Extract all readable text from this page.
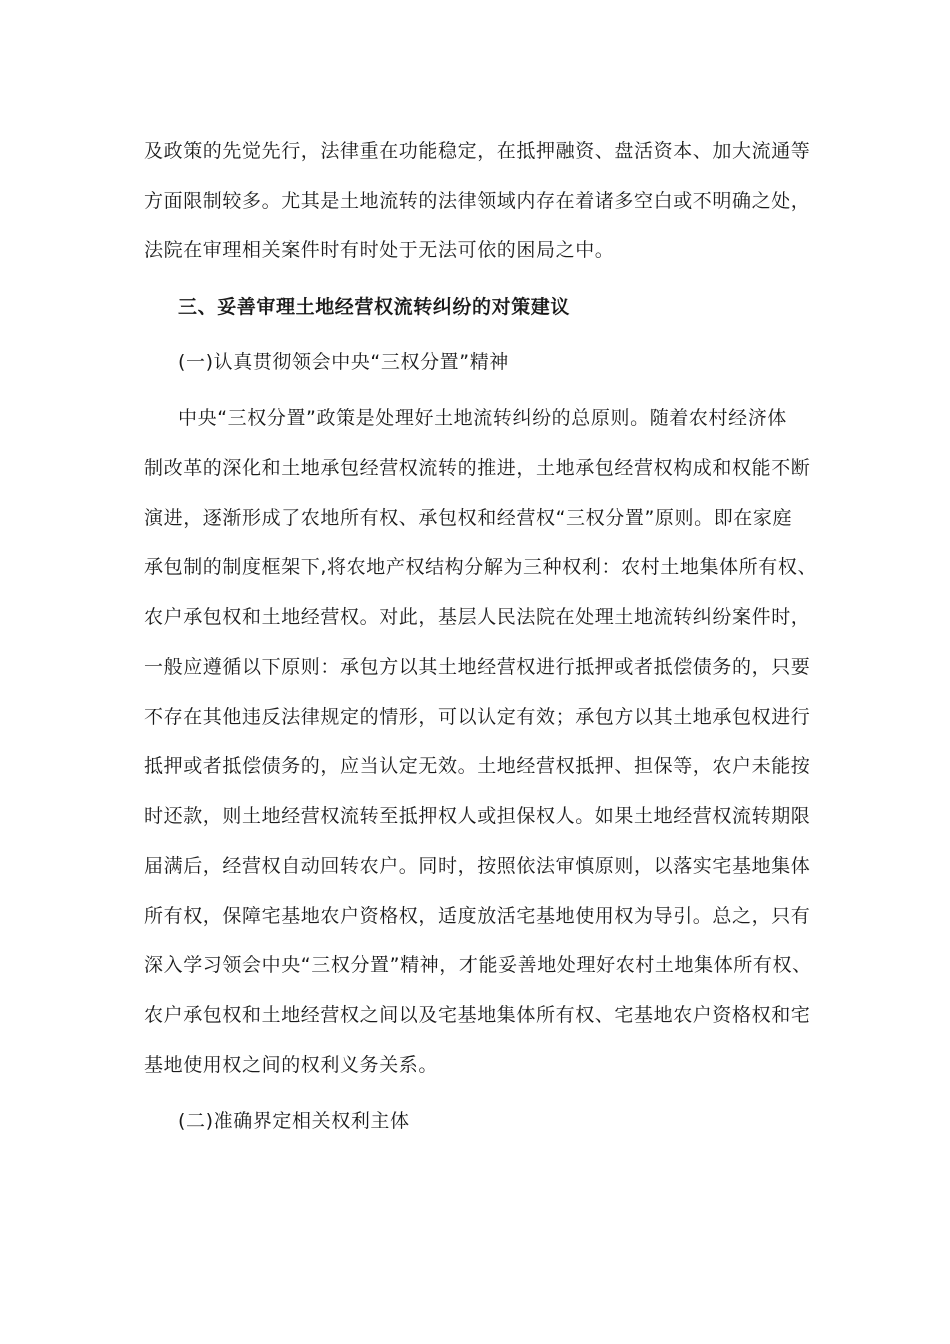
及政策的先觉先行，法律重在功能稳定，在抵押融资、盘活资本、加大流通等
方面限制较多。尤其是土地流转的法律领域内存在着诸多空白或不明确之处，
法院在审理相关案件时有时处于无法可依的困局之中。
三、妥善审理土地经营权流转纠纷的对策建议
(一)认真贯彻领会中央“三权分置”精神
中央“三权分置”政策是处理好土地流转纠纷的总原则。随着农村经济体
制改革的深化和土地承包经营权流转的推进，土地承包经营权构成和权能不断
演进，逐渐形成了农地所有权、承包权和经营权“三权分置”原则。即在家庭
承包制的制度框架下,将农地产权结构分解为三种权利：农村土地集体所有权、
农户承包权和土地经营权。对此，基层人民法院在处理土地流转纠纷案件时，
一般应遵循以下原则：承包方以其土地经营权进行抵押或者抵偿债务的，只要
不存在其他违反法律规定的情形，可以认定有效；承包方以其土地承包权进行
抵押或者抵偿债务的，应当认定无效。土地经营权抵押、担保等，农户未能按
时还款，则土地经营权流转至抵押权人或担保权人。如果土地经营权流转期限
届满后，经营权自动回转农户。同时，按照依法审慎原则，以落实宅基地集体
所有权，保障宅基地农户资格权，适度放活宅基地使用权为导引。总之，只有
深入学习领会中央“三权分置”精神，才能妥善地处理好农村土地集体所有权、
农户承包权和土地经营权之间以及宅基地集体所有权、宅基地农户资格权和宅
基地使用权之间的权利义务关系。
(二)准确界定相关权利主体
